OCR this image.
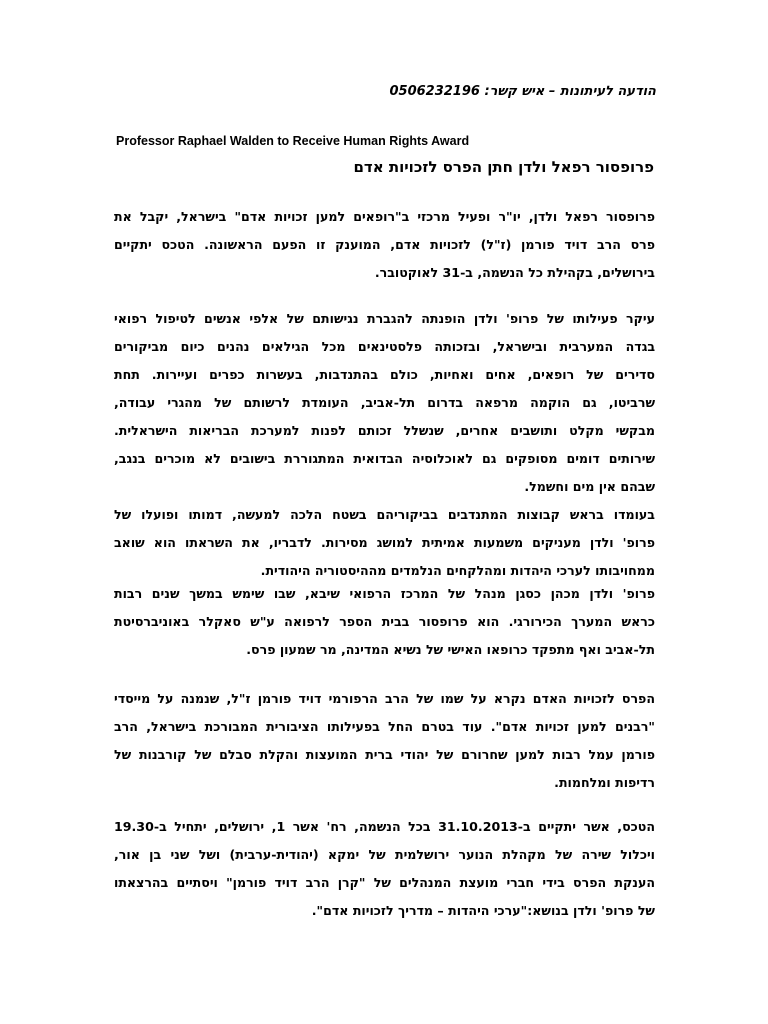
הודעה לעיתונות – איש קשר: 0506232196
Professor Raphael Walden to Receive Human Rights Award
פרופסור רפאל ולדן חתן הפרס לזכויות אדם
פרופסור רפאל ולדן, יו"ר ופעיל מרכזי ב"רופאים למען זכויות אדם" בישראל, יקבל את
פרס הרב דויד פורמן (ז"ל) לזכויות אדם, המוענק זו הפעם הראשונה. הטכס יתקיים
בירושלים, בקהילת כל הנשמה, ב-31 לאוקטובר.
עיקר פעילותו של פרופ' ולדן הופנתה להגברת נגישותם של אלפי אנשים לטיפול רפואי
בגדה המערבית ובישראל, ובזכותה פלסטינאים מכל הגילאים נהנים כיום מביקורים
סדירים של רופאים, אחים ואחיות, כולם בהתנדבות, בעשרות כפרים ועיירות. תחת
שרביטו, גם הוקמה מרפאה בדרום תל-אביב, העומדת לרשותם של מהגרי עבודה,
מבקשי מקלט ותושבים אחרים, שנשלל זכותם לפנות למערכת הבריאות הישראלית.
שירותים דומים מסופקים גם לאוכלוסיה הבדואית המתגוררת בישובים לא מוכרים בנגב,
שבהם אין מים וחשמל.
בעומדו בראש קבוצות המתנדבים בביקוריהם בשטח הלכה למעשה, דמותו ופועלו של
פרופ' ולדן מעניקים משמעות אמיתית למושג מסירות. לדבריו, את השראתו הוא שואב
ממחויבותו לערכי היהדות ומהלקחים הנלמדים מההיסטוריה היהודית.
פרופ' ולדן מכהן כסגן מנהל של המרכז הרפואי שיבא, שבו שימש במשך שנים רבות
כראש המערך הכירורגי. הוא פרופסור בבית הספר לרפואה ע"ש סאקלר באוניברסיטת
תל-אביב ואף מתפקד כרופאו האישי של נשיא המדינה, מר שמעון פרס.
הפרס לזכויות האדם נקרא על שמו של הרב הרפורמי דויד פורמן ז"ל, שנמנה על מייסדי
"רבנים למען זכויות אדם". עוד בטרם החל בפעילותו הציבורית המבורכת בישראל, הרב
פורמן עמל רבות למען שחרורם של יהודי ברית המועצות והקלת סבלם של קורבנות של
רדיפות ומלחמות.
הטכס, אשר יתקיים ב-31.10.2013 בכל הנשמה, רח' אשר 1, ירושלים, יתחיל ב-19.30
ויכלול שירה של מקהלת הנוער ירושלמית של ימקא (יהודית-ערבית) ושל שני בן אור,
הענקת הפרס בידי חברי מועצת המנהלים של "קרן הרב דויד פורמן" ויסתיים בהרצאתו
של פרופ' ולדן בנושא:"ערכי היהדות – מדריך לזכויות אדם".
